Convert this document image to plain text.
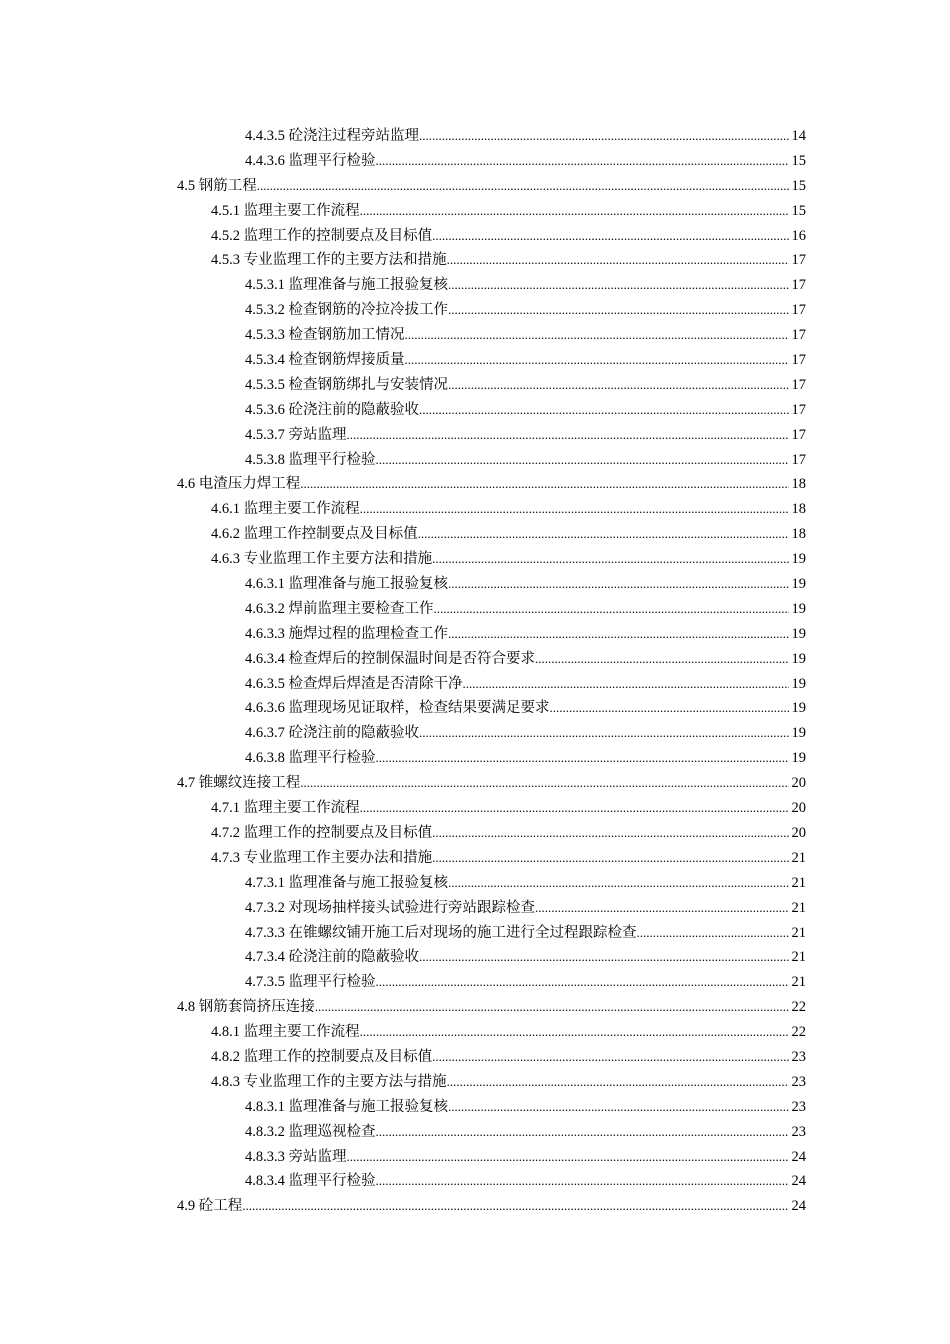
4.4.3.5 砼浇注过程旁站监理 .....	14
4.4.3.6 监理平行检验 .....	15
4.5 钢筋工程 .....	15
4.5.1 监理主要工作流程 .....	15
4.5.2 监理工作的控制要点及目标值 .....	16
4.5.3 专业监理工作的主要方法和措施 .....	17
4.5.3.1 监理准备与施工报验复核 .....	17
4.5.3.2 检查钢筋的冷拉冷拔工作 .....	17
4.5.3.3 检查钢筋加工情况 .....	17
4.5.3.4 检查钢筋焊接质量 .....	17
4.5.3.5 检查钢筋绑扎与安装情况 .....	17
4.5.3.6 砼浇注前的隐蔽验收 .....	17
4.5.3.7 旁站监理 .....	17
4.5.3.8 监理平行检验 .....	17
4.6 电渣压力焊工程 .....	18
4.6.1 监理主要工作流程 .....	18
4.6.2 监理工作控制要点及目标值 .....	18
4.6.3 专业监理工作主要方法和措施 .....	19
4.6.3.1 监理准备与施工报验复核 .....	19
4.6.3.2 焊前监理主要检查工作 .....	19
4.6.3.3 施焊过程的监理检查工作 .....	19
4.6.3.4 检查焊后的控制保温时间是否符合要求 .....	19
4.6.3.5 检查焊后焊渣是否清除干净 .....	19
4.6.3.6 监理现场见证取样，检查结果要满足要求 .....	19
4.6.3.7 砼浇注前的隐蔽验收 .....	19
4.6.3.8 监理平行检验 .....	19
4.7 锥螺纹连接工程 .....	20
4.7.1 监理主要工作流程 .....	20
4.7.2 监理工作的控制要点及目标值 .....	20
4.7.3 专业监理工作主要办法和措施 .....	21
4.7.3.1 监理准备与施工报验复核 .....	21
4.7.3.2 对现场抽样接头试验进行旁站跟踪检查 .....	21
4.7.3.3 在锥螺纹铺开施工后对现场的施工进行全过程跟踪检查 .....	21
4.7.3.4 砼浇注前的隐蔽验收 .....	21
4.7.3.5 监理平行检验 .....	21
4.8 钢筋套筒挤压连接 .....	22
4.8.1 监理主要工作流程 .....	22
4.8.2 监理工作的控制要点及目标值 .....	23
4.8.3 专业监理工作的主要方法与措施 .....	23
4.8.3.1 监理准备与施工报验复核 .....	23
4.8.3.2 监理巡视检查 .....	23
4.8.3.3 旁站监理 .....	24
4.8.3.4 监理平行检验 .....	24
4.9 砼工程 .....	24
